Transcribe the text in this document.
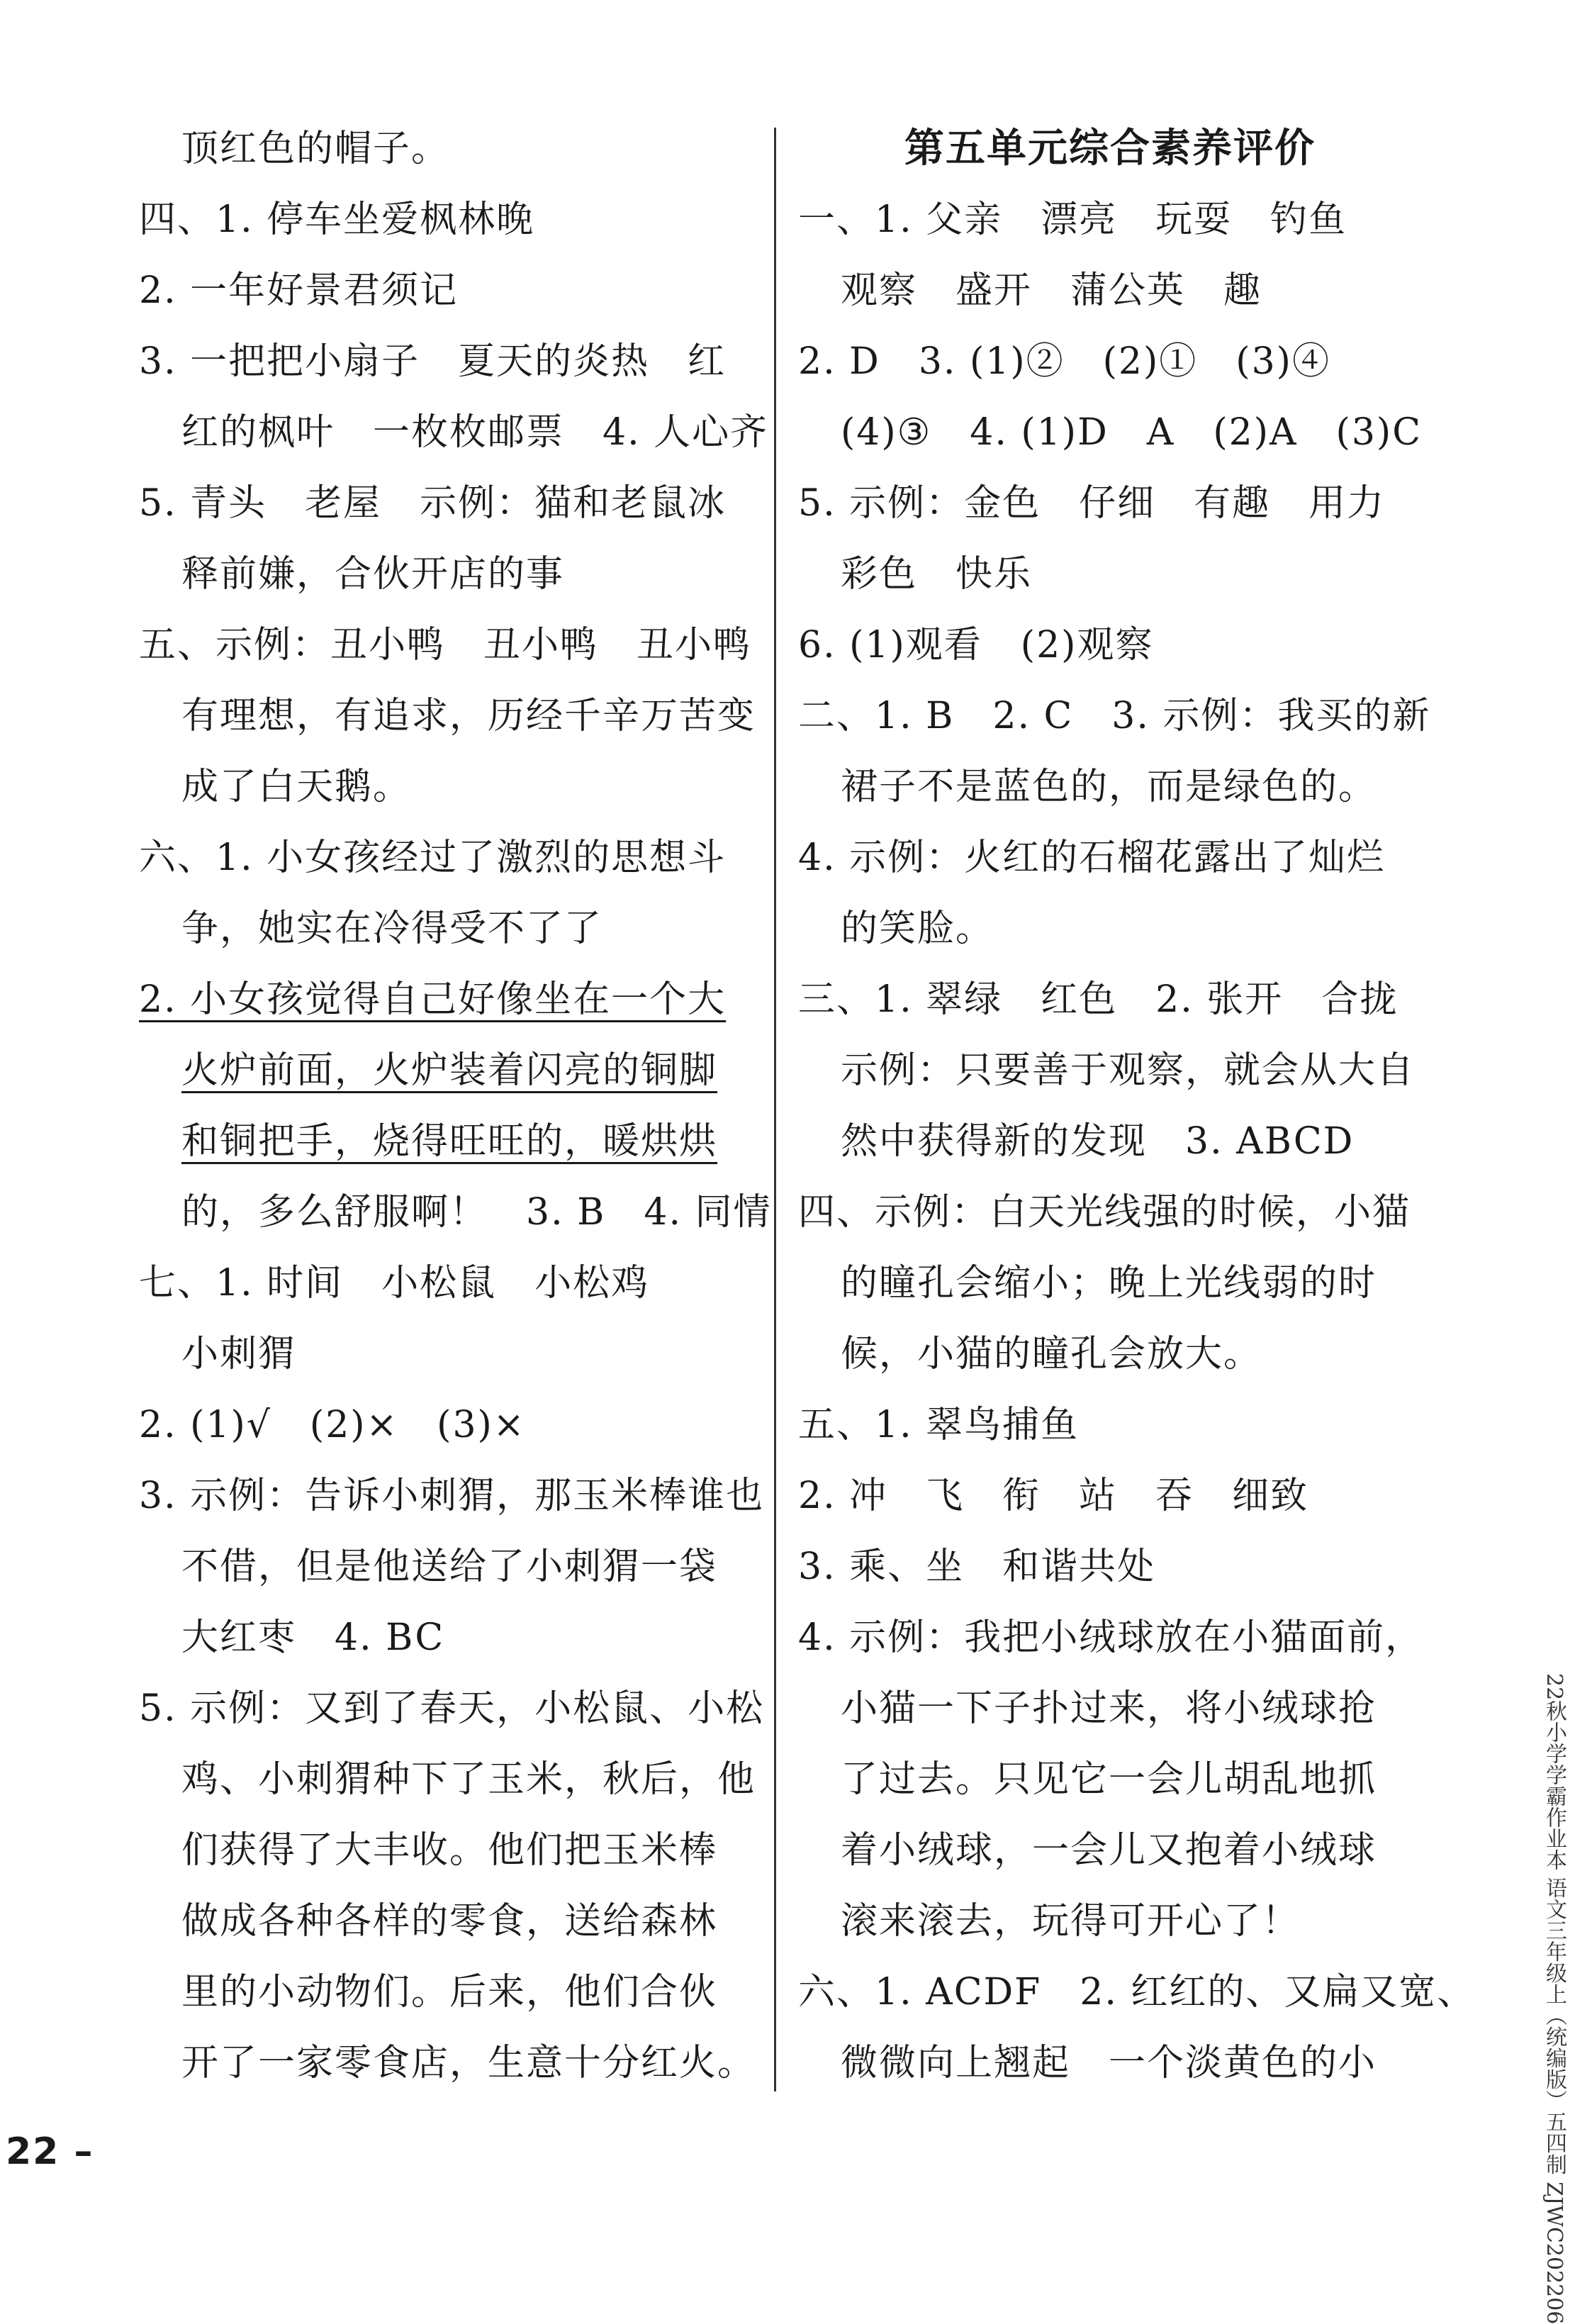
顶红色的帽子。
四、1. 停车坐爱枫林晚
2. 一年好景君须记
3. 一把把小扇子　夏天的炎热　红
红的枫叶　一枚枚邮票　4. 人心齐
5. 青头　老屋　示例：猫和老鼠冰
释前嫌，合伙开店的事
五、示例：丑小鸭　丑小鸭　丑小鸭
有理想，有追求，历经千辛万苦变
成了白天鹅。
六、1. 小女孩经过了激烈的思想斗
争，她实在冷得受不了了
2. 小女孩觉得自己好像坐在一个大
火炉前面，火炉装着闪亮的铜脚
和铜把手，烧得旺旺的，暖烘烘
的，多么舒服啊！　3. B　4. 同情
七、1. 时间　小松鼠　小松鸡
小刺猬
2. (1)√　(2)×　(3)×
3. 示例：告诉小刺猬，那玉米棒谁也
不借，但是他送给了小刺猬一袋
大红枣　4. BC
5. 示例：又到了春天，小松鼠、小松
鸡、小刺猬种下了玉米，秋后，他
们获得了大丰收。他们把玉米棒
做成各种各样的零食，送给森林
里的小动物们。后来，他们合伙
开了一家零食店，生意十分红火。
第五单元综合素养评价
一、1. 父亲　漂亮　玩耍　钓鱼
观察　盛开　蒲公英　趣
2. D　3. (1)②　(2)①　(3)④
(4)③　4. (1)D　A　(2)A　(3)C
5. 示例：金色　仔细　有趣　用力
彩色　快乐
6. (1)观看　(2)观察
二、1. B　2. C　3. 示例：我买的新
裙子不是蓝色的，而是绿色的。
4. 示例：火红的石榴花露出了灿烂
的笑脸。
三、1. 翠绿　红色　2. 张开　合拢
示例：只要善于观察，就会从大自
然中获得新的发现　3. ABCD
四、示例：白天光线强的时候，小猫
的瞳孔会缩小；晚上光线弱的时
候，小猫的瞳孔会放大。
五、1. 翠鸟捕鱼
2. 冲　飞　衔　站　吞　细致
3. 乘、坐　和谐共处
4. 示例：我把小绒球放在小猫面前，
小猫一下子扑过来，将小绒球抢
了过去。只见它一会儿胡乱地抓
着小绒球，一会儿又抱着小绒球
滚来滚去，玩得可开心了！
六、1. ACDF　2. 红红的、又扁又宽、
微微向上翘起　一个淡黄色的小
22 –	22秋小学学霸作业本 语文三年级上（统编版）五四制 ZJWC202206
